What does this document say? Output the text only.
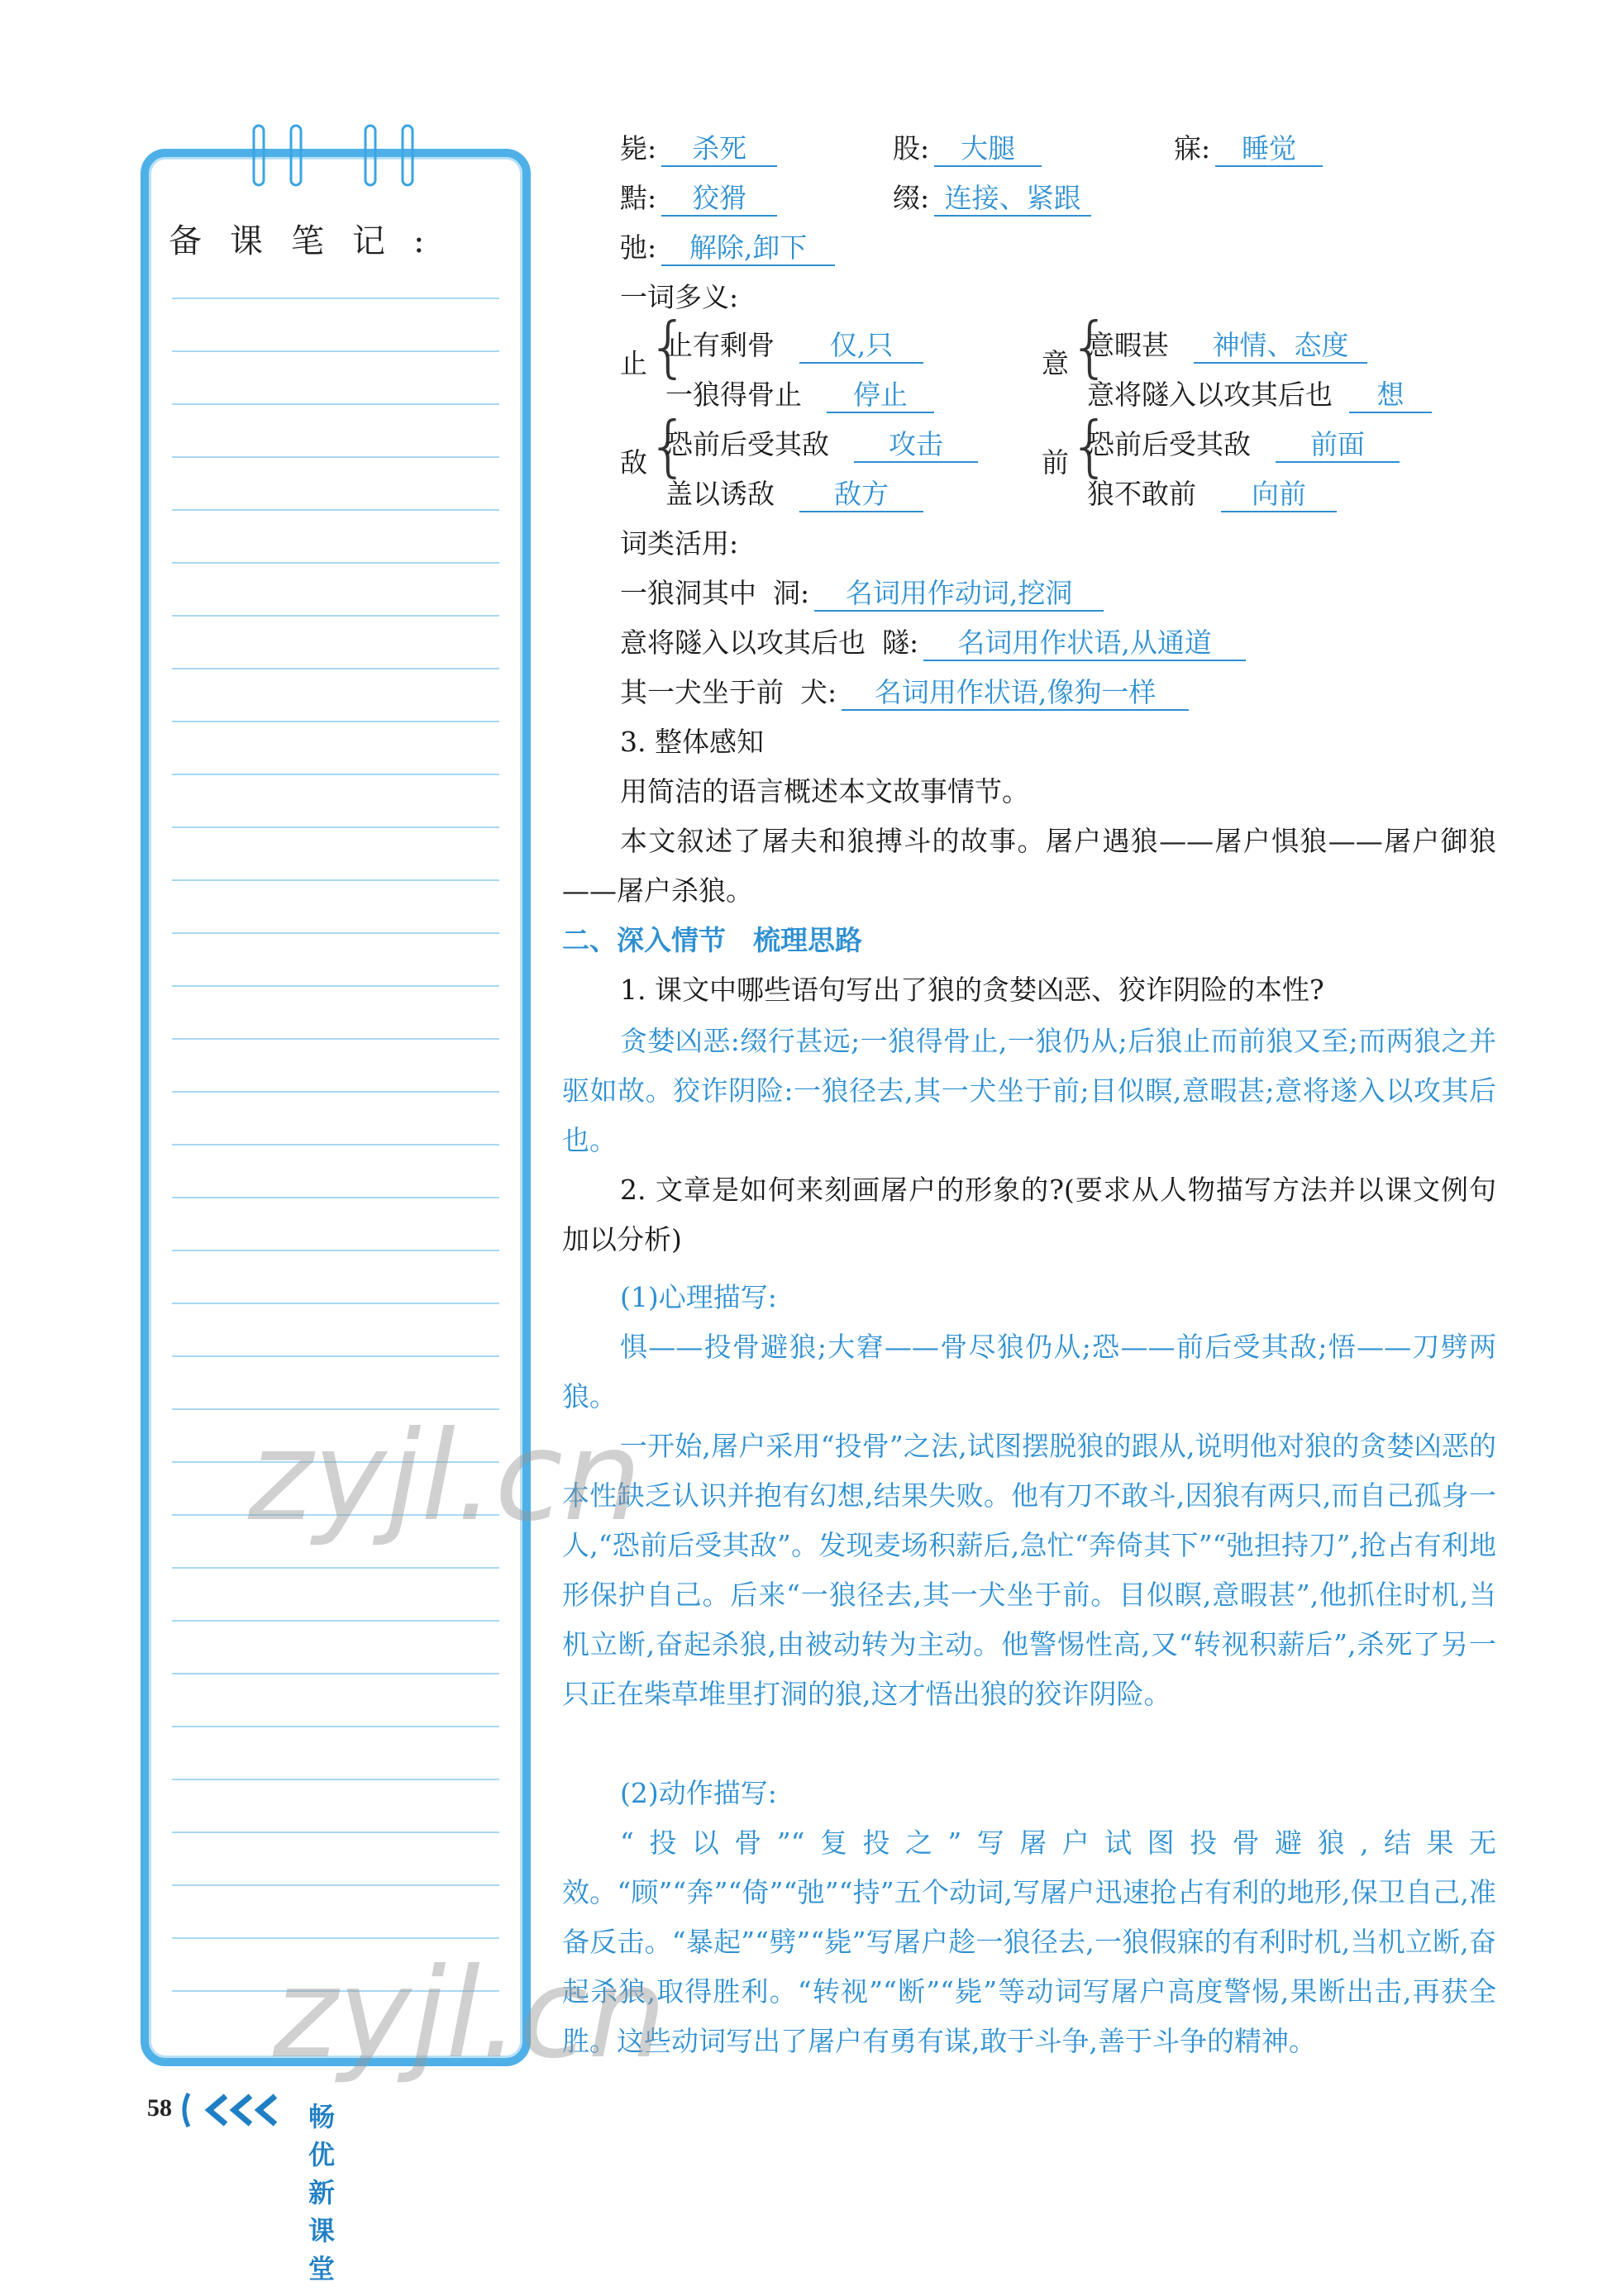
备课笔记:
毙: 杀死	股: 大腿	寐: 睡觉
黠: 狡猾	缀: 连接、紧跟
弛: 解除,卸下
一词多义:
止 {
止有剩骨 仅,只
一狼得骨止 停止
意 {
意暇甚 神情、态度
意将隧入以攻其后也 想
敌 {
恐前后受其敌 攻击
盖以诱敌 敌方
前 {
恐前后受其敌 前面
狼不敢前 向前
词类活用:
一狼洞其中 洞: 名词用作动词,挖洞
意将隧入以攻其后也 隧: 名词用作状语,从通道
其一犬坐于前 犬: 名词用作状语,像狗一样
3. 整体感知
用简洁的语言概述本文故事情节。
本文叙述了屠夫和狼搏斗的故事。屠户遇狼——屠户惧狼——屠户御狼——屠户杀狼。
二、深入情节　梳理思路
1. 课文中哪些语句写出了狼的贪婪凶恶、狡诈阴险的本性?
贪婪凶恶:缀行甚远;一狼得骨止,一狼仍从;后狼止而前狼又至;而两狼之并驱如故。狡诈阴险:一狼径去,其一犬坐于前;目似瞑,意暇甚;意将遂入以攻其后也。
2. 文章是如何来刻画屠户的形象的?(要求从人物描写方法并以课文例句加以分析)
(1)心理描写:
惧——投骨避狼;大窘——骨尽狼仍从;恐——前后受其敌;悟——刀劈两狼。
一开始,屠户采用“投骨”之法,试图摆脱狼的跟从,说明他对狼的贪婪凶恶的本性缺乏认识并抱有幻想,结果失败。他有刀不敢斗,因狼有两只,而自己孤身一人,“恐前后受其敌”。发现麦场积薪后,急忙“奔倚其下”“弛担持刀”,抢占有利地形保护自己。后来“一狼径去,其一犬坐于前。目似瞑,意暇甚”,他抓住时机,当机立断,奋起杀狼,由被动转为主动。他警惕性高,又“转视积薪后”,杀死了另一只正在柴草堆里打洞的狼,这才悟出狼的狡诈阴险。
(2)动作描写:
“投以骨”“复投之”写屠户试图投骨避狼,结果无效。“顾”“奔”“倚”“弛”“持”五个动词,写屠户迅速抢占有利的地形,保卫自己,准备反击。“暴起”“劈”“毙”写屠户趁一狼径去,一狼假寐的有利时机,当机立断,奋起杀狼,取得胜利。“转视”“断”“毙”等动词写屠户高度警惕,果断出击,再获全胜。这些动词写出了屠户有勇有谋,敢于斗争,善于斗争的精神。
zyjl.cn
zyjl.cn
58	畅优新课堂
